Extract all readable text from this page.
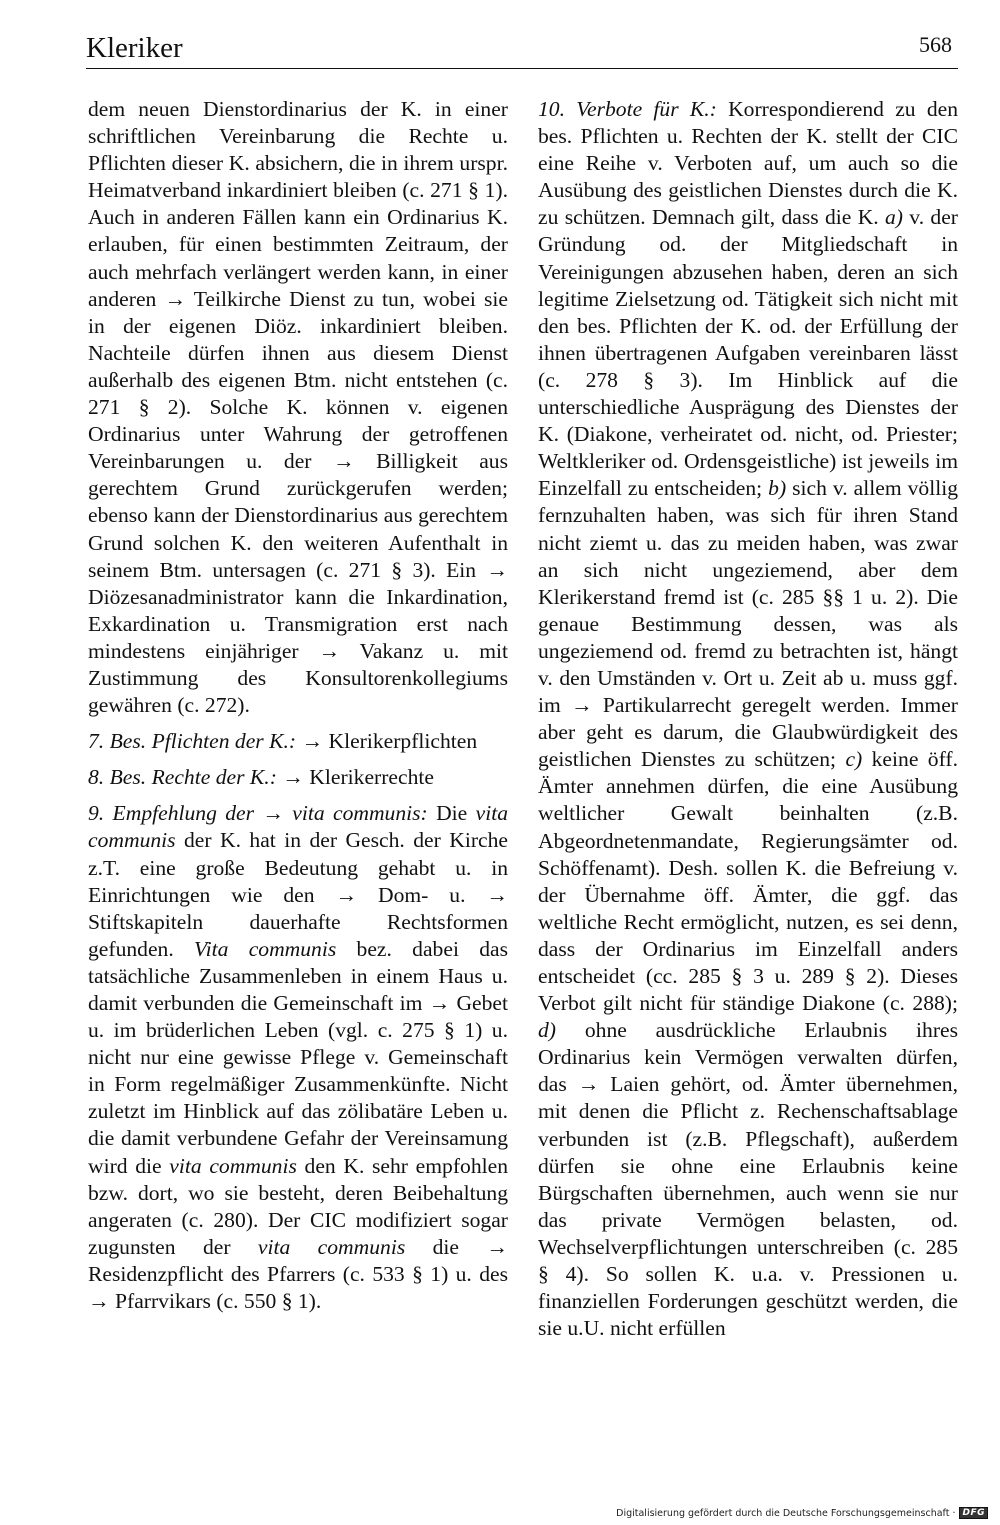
Kleriker	568

dem neuen Dienstordinarius der K. in einer schriftlichen Vereinbarung die Rechte u. Pflichten dieser K. absichern, die in ihrem urspr. Heimatverband inkardiniert bleiben (c. 271 § 1). Auch in anderen Fällen kann ein Ordinarius K. erlauben, für einen bestimmten Zeitraum, der auch mehrfach verlängert werden kann, in einer anderen → Teilkirche Dienst zu tun, wobei sie in der eigenen Diöz. inkardiniert bleiben. Nachteile dürfen ihnen aus diesem Dienst außerhalb des eigenen Btm. nicht entstehen (c. 271 § 2). Solche K. können v. eigenen Ordinarius unter Wahrung der getroffenen Vereinbarungen u. der → Billigkeit aus gerechtem Grund zurückgerufen werden; ebenso kann der Dienstordinarius aus gerechtem Grund solchen K. den weiteren Aufenthalt in seinem Btm. untersagen (c. 271 § 3). Ein → Diözesanadministrator kann die Inkardination, Exkardination u. Transmigration erst nach mindestens einjähriger → Vakanz u. mit Zustimmung des Konsultorenkollegiums gewähren (c. 272).

7. Bes. Pflichten der K.: → Klerikerpflichten

8. Bes. Rechte der K.: → Klerikerrechte

9. Empfehlung der → vita communis: Die vita communis der K. hat in der Gesch. der Kirche z.T. eine große Bedeutung gehabt u. in Einrichtungen wie den → Dom- u. → Stiftskapiteln dauerhafte Rechtsformen gefunden. Vita communis bez. dabei das tatsächliche Zusammenleben in einem Haus u. damit verbunden die Gemeinschaft im → Gebet u. im brüderlichen Leben (vgl. c. 275 § 1) u. nicht nur eine gewisse Pflege v. Gemeinschaft in Form regelmäßiger Zusammenkünfte. Nicht zuletzt im Hinblick auf das zölibatäre Leben u. die damit verbundene Gefahr der Vereinsamung wird die vita communis den K. sehr empfohlen bzw. dort, wo sie besteht, deren Beibehaltung angeraten (c. 280). Der CIC modifiziert sogar zugunsten der vita communis die → Residenzpflicht des Pfarrers (c. 533 § 1) u. des → Pfarrvikars (c. 550 § 1).

10. Verbote für K.: Korrespondierend zu den bes. Pflichten u. Rechten der K. stellt der CIC eine Reihe v. Verboten auf, um auch so die Ausübung des geistlichen Dienstes durch die K. zu schützen. Demnach gilt, dass die K. a) v. der Gründung od. der Mitgliedschaft in Vereinigungen abzusehen haben, deren an sich legitime Zielsetzung od. Tätigkeit sich nicht mit den bes. Pflichten der K. od. der Erfüllung der ihnen übertragenen Aufgaben vereinbaren lässt (c. 278 § 3). Im Hinblick auf die unterschiedliche Ausprägung des Dienstes der K. (Diakone, verheiratet od. nicht, od. Priester; Weltkleriker od. Ordensgeistliche) ist jeweils im Einzelfall zu entscheiden; b) sich v. allem völlig fernzuhalten haben, was sich für ihren Stand nicht ziemt u. das zu meiden haben, was zwar an sich nicht ungeziemend, aber dem Klerikerstand fremd ist (c. 285 §§ 1 u. 2). Die genaue Bestimmung dessen, was als ungeziemend od. fremd zu betrachten ist, hängt v. den Umständen v. Ort u. Zeit ab u. muss ggf. im → Partikularrecht geregelt werden. Immer aber geht es darum, die Glaubwürdigkeit des geistlichen Dienstes zu schützen; c) keine öff. Ämter annehmen dürfen, die eine Ausübung weltlicher Gewalt beinhalten (z.B. Abgeordnetenmandate, Regierungsämter od. Schöffenamt). Desh. sollen K. die Befreiung v. der Übernahme öff. Ämter, die ggf. das weltliche Recht ermöglicht, nutzen, es sei denn, dass der Ordinarius im Einzelfall anders entscheidet (cc. 285 § 3 u. 289 § 2). Dieses Verbot gilt nicht für ständige Diakone (c. 288); d) ohne ausdrückliche Erlaubnis ihres Ordinarius kein Vermögen verwalten dürfen, das → Laien gehört, od. Ämter übernehmen, mit denen die Pflicht z. Rechenschaftsablage verbunden ist (z.B. Pflegschaft), außerdem dürfen sie ohne eine Erlaubnis keine Bürgschaften übernehmen, auch wenn sie nur das private Vermögen belasten, od. Wechselverpflichtungen unterschreiben (c. 285 § 4). So sollen K. u.a. v. Pressionen u. finanziellen Forderungen geschützt werden, die sie u.U. nicht erfüllen

Digitalisierung gefördert durch die Deutsche Forschungsgemeinschaft · DFG
